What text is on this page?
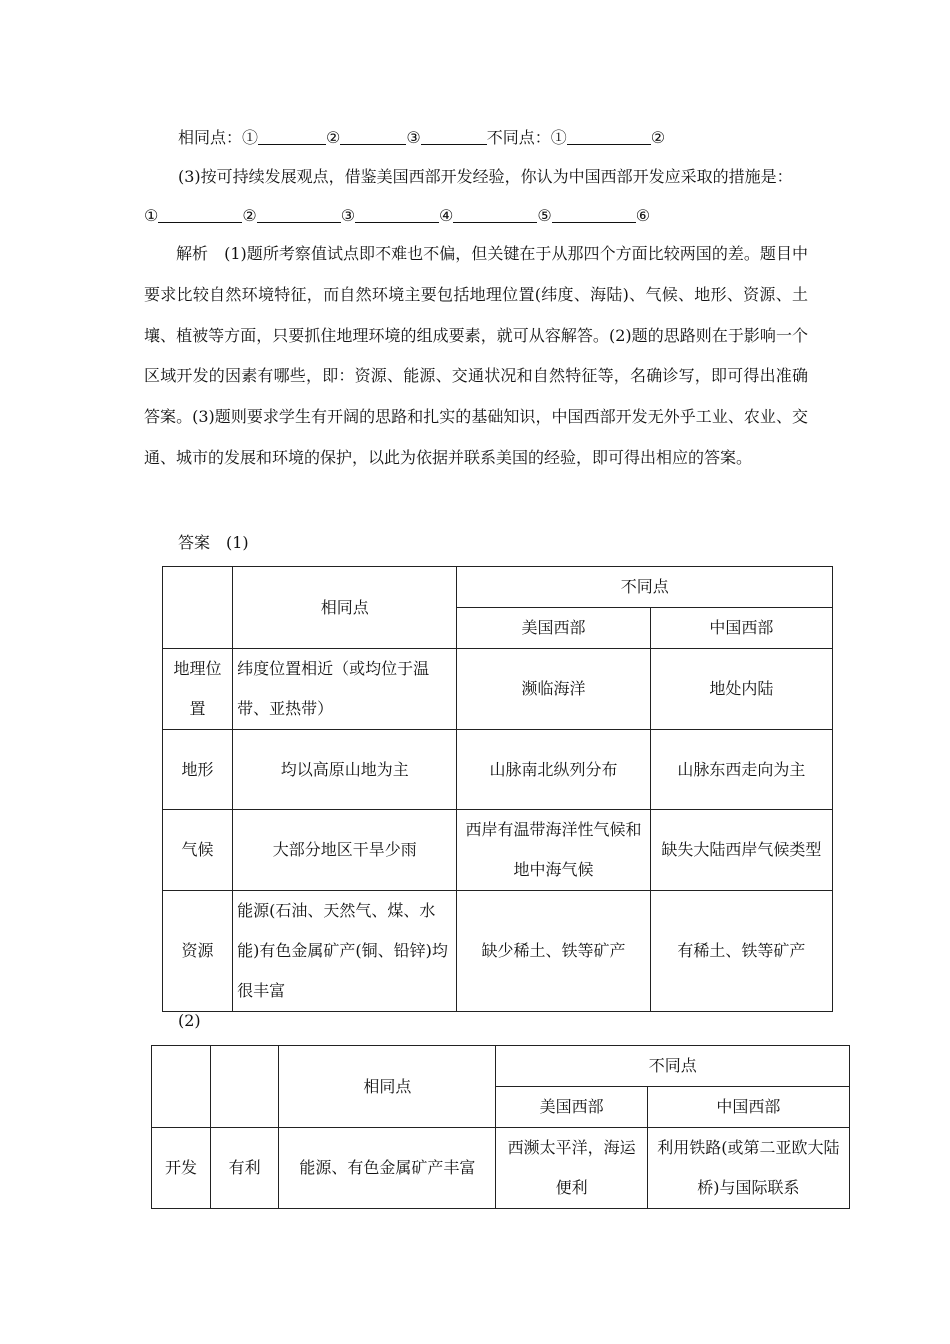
相同点：①	②	③	不同点：①	②
(3)按可持续发展观点，借鉴美国西部开发经验，你认为中国西部开发应采取的措施是：
①	②	③	④	⑤	⑥
解析　(1)题所考察值试点即不难也不偏，但关键在于从那四个方面比较两国的差。题目中要求比较自然环境特征，而自然环境主要包括地理位置(纬度、海陆)、气候、地形、资源、土壤、植被等方面，只要抓住地理环境的组成要素，就可从容解答。(2)题的思路则在于影响一个区域开发的因素有哪些，即：资源、能源、交通状况和自然特征等，名确诊写，即可得出准确答案。(3)题则要求学生有开阔的思路和扎实的基础知识，中国西部开发无外乎工业、农业、交通、城市的发展和环境的保护，以此为依据并联系美国的经验，即可得出相应的答案。
答案　(1)
	相同点	不同点	
		美国西部	中国西部
地理位置	纬度位置相近（或均位于温带、亚热带）	濒临海洋	地处内陆
地形	均以高原山地为主	山脉南北纵列分布	山脉东西走向为主
气候	大部分地区干旱少雨	西岸有温带海洋性气候和地中海气候	缺失大陆西岸气候类型
资源	能源(石油、天然气、煤、水能)有色金属矿产(铜、铅锌)均很丰富	缺少稀土、铁等矿产	有稀土、铁等矿产
(2)
		相同点	不同点	
			美国西部	中国西部
开发	有利	能源、有色金属矿产丰富	西濒太平洋，海运便利	利用铁路(或第二亚欧大陆桥)与国际联系
